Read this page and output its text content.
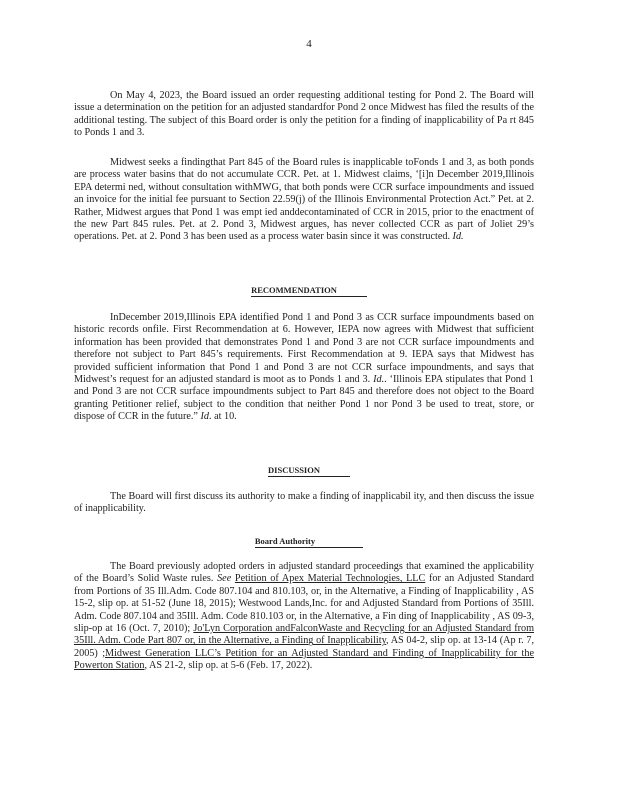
4

On May 4, 2023, the Board issued an order requesting additional testing for Pond 2. The Board will issue a determination on the petition for an adjusted standardfor Pond 2 once Midwest has filed the results of the additional testing. The subject of this Board order is only the petition for a finding of inapplicability of Pa rt 845 to Ponds 1 and 3.

Midwest seeks a findingthat Part 845 of the Board rules is inapplicable toFonds 1 and 3, as both ponds are process water basins that do not accumulate CCR. Pet. at 1. Midwest claims, ‘[i]n December 2019,Illinois EPA determi ned, without consultation withMWG, that both ponds were CCR surface impoundments and issued an invoice for the initial fee pursuant to Section 22.59(j) of the Illinois Environmental Protection Act.” Pet. at 2. Rather, Midwest argues that Pond 1 was empt ied anddecontaminated of CCR in 2015, prior to the enactment of the new Part 845 rules. Pet. at 2. Pond 3, Midwest argues, has never collected CCR as part of Joliet 29’s operations. Pet. at 2. Pond 3 has been used as a process water basin since it was constructed. Id.

RECOMMENDATION

InDecember 2019,Illinois EPA identified Pond 1 and Pond 3 as CCR surface impoundments based on historic records onfile. First Recommendation at 6. However, IEPA now agrees with Midwest that sufficient information has been provided that demonstrates Pond 1 and Pond 3 are not CCR surface impoundments and therefore not subject to Part 845’s requirements. First Recommendation at 9. IEPA says that Midwest has provided sufficient information that Pond 1 and Pond 3 are not CCR surface impoundments, and says that Midwest’s request for an adjusted standard is moot as to Ponds 1 and 3. Id.. ‘Illinois EPA stipulates that Pond 1 and Pond 3 are not CCR surface impoundments subject to Part 845 and therefore does not object to the Board granting Petitioner relief, subject to the condition that neither Pond 1 nor Pond 3 be used to treat, store, or dispose of CCR in the future.” Id. at 10.

DISCUSSION

The Board will first discuss its authority to make a finding of inapplicabil ity, and then discuss the issue of inapplicability.

Board Authority

The Board previously adopted orders in adjusted standard proceedings that examined the applicability of the Board’s Solid Waste rules. See Petition of Apex Material Technologies, LLC for an Adjusted Standard from Portions of 35 Ill.Adm. Code 807.104 and 810.103, or, in the Alternative, a Finding of Inapplicability , AS 15-2, slip op. at 51-52 (June 18, 2015); Westwood Lands,Inc. for and Adjusted Standard from Portions of 35Ill. Adm. Code 807.104 and 35Ill. Adm. Code 810.103 or, in the Alternative, a Fin ding of Inapplicability , AS 09-3, slip-op at 16 (Oct. 7, 2010); Jo'Lyn Corporation andFalconWaste and Recycling for an Adjusted Standard from 35Ill. Adm. Code Part 807 or, in the Alternative, a Finding of Inapplicability, AS 04-2, slip op. at 13-14 (Ap r. 7, 2005) ;Midwest Generation LLC’s Petition for an Adjusted Standard and Finding of Inapplicability for the Powerton Station, AS 21-2, slip op. at 5-6 (Feb. 17, 2022).
